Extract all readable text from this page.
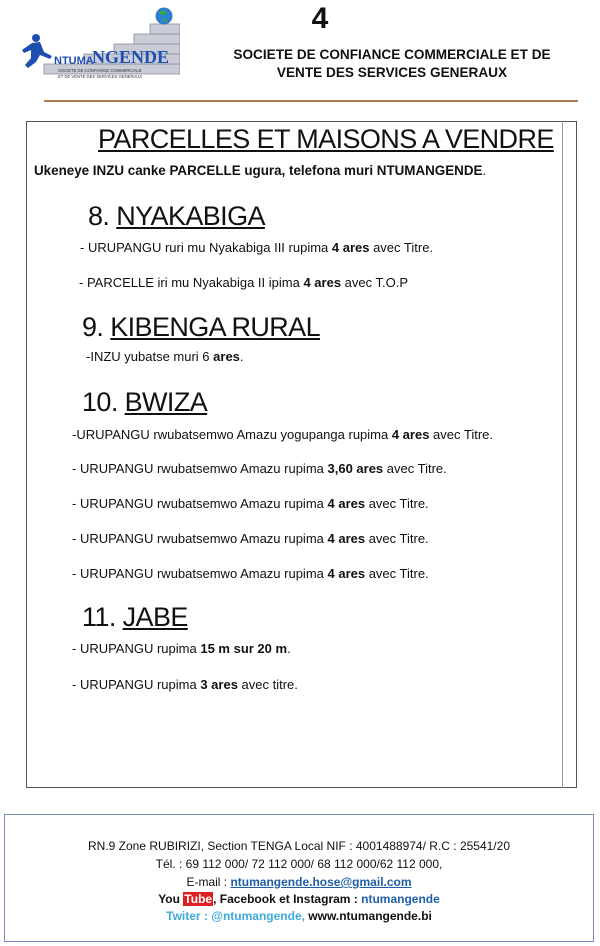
NTUMA
NGENDE
SOCIETE DE CONFIANCE COMMERCIALE
ET DE VENTE DES SERVICES GENERAUX
4
SOCIETE DE CONFIANCE COMMERCIALE ET DE
VENTE DES SERVICES GENERAUX
PARCELLES ET MAISONS A VENDRE
Ukeneye INZU canke PARCELLE ugura, telefona muri NTUMANGENDE.
8. NYAKABIGA
- URUPANGU ruri mu Nyakabiga III rupima 4 ares avec Titre.
- PARCELLE iri mu Nyakabiga II ipima 4 ares avec T.O.P
9. KIBENGA RURAL
-INZU yubatse muri 6 ares.
10. BWIZA
-URUPANGU rwubatsemwo Amazu yogupanga rupima 4 ares avec Titre.
- URUPANGU rwubatsemwo Amazu rupima 3,60 ares avec Titre.
- URUPANGU rwubatsemwo Amazu rupima 4 ares avec Titre.
- URUPANGU rwubatsemwo Amazu rupima 4 ares avec Titre.
- URUPANGU rwubatsemwo Amazu rupima 4 ares avec Titre.
11. JABE
- URUPANGU rupima 15 m sur 20 m.
- URUPANGU rupima 3 ares avec titre.
RN.9 Zone RUBIRIZI, Section TENGA Local NIF : 4001488974/ R.C : 25541/20
Tél. : 69 112 000/ 72 112 000/ 68 112 000/62 112 000,
E-mail : ntumangende.hose@gmail.com
You Tube, Facebook et Instagram : ntumangende
Twiter : @ntumangende, www.ntumangende.bi
